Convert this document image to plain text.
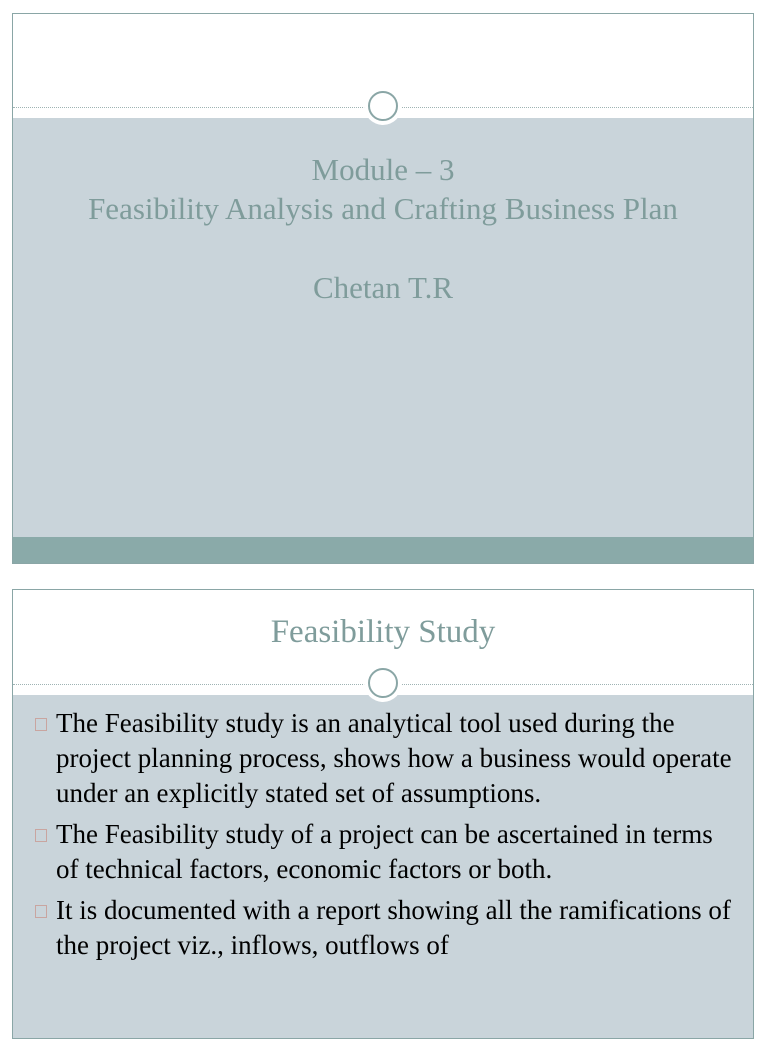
Module – 3
Feasibility Analysis and Crafting Business Plan
Chetan T.R
Feasibility Study
The Feasibility study is an analytical tool used during the project planning process, shows how a business would operate under an explicitly stated set of assumptions.
The Feasibility study of a project can be ascertained in terms of technical factors, economic factors or both.
It is documented with a report showing all the ramifications of the project viz., inflows, outflows of
